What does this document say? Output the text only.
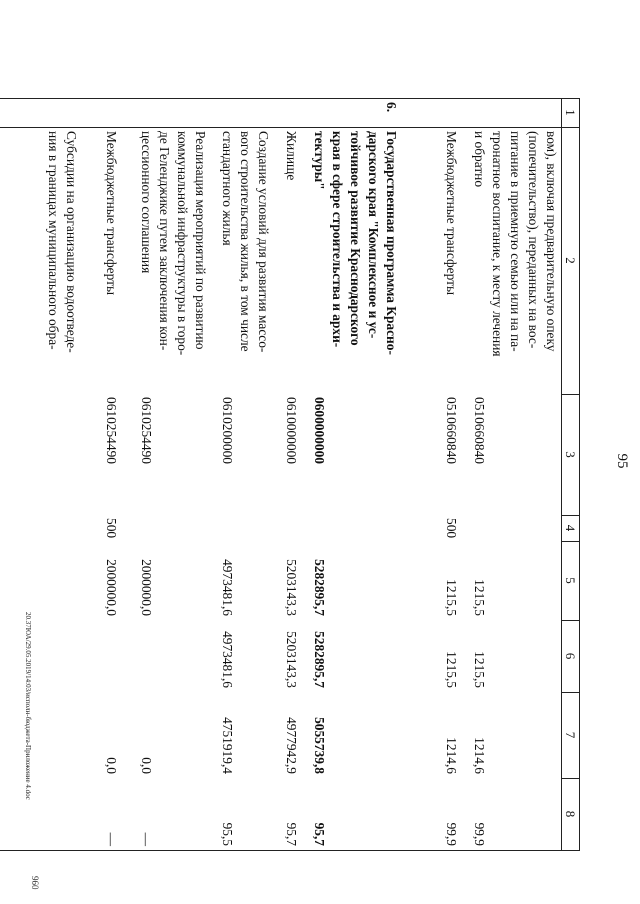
95
20.37ЮА/29.05.2019/14:03/исполн-бюджета-Приложение 4.doc
960
1
2
3
4
5
6
7
8
вом), включая предварительную опеку
(попечительство), переданных на вос-
питание в приемную семью или на па-
тронатное воспитание, к месту лечения
и обратно
0510660840
1215,5
1215,5
1214,6
99,9
Межбюджетные трансферты
0510660840
500
1215,5
1215,5
1214,6
99,9
6.
Государственная программа Красно-
дарского края "Комплексное и ус-
тойчивое развитие Краснодарского
края в сфере строительства и архи-
тектуры"
0600000000
5282895,7
5282895,7
5055739,8
95,7
Жилище
0610000000
5203143,3
5203143,3
4977942,9
95,7
Создание условий для развития массо-
вого строительства жилья, в том числе
стандартного жилья
0610200000
4973481,6
4973481,6
4751919,4
95,5
Реализация мероприятий по развитию
коммунальной инфраструктуры в горо-
де Геленджике путем заключения кон-
цессионного соглашения
0610254490
2000000,0
0,0
—
Межбюджетные трансферты
0610254490
500
2000000,0
0,0
—
Субсидии на организацию водоотведе-
ния в границах муниципального обра-
